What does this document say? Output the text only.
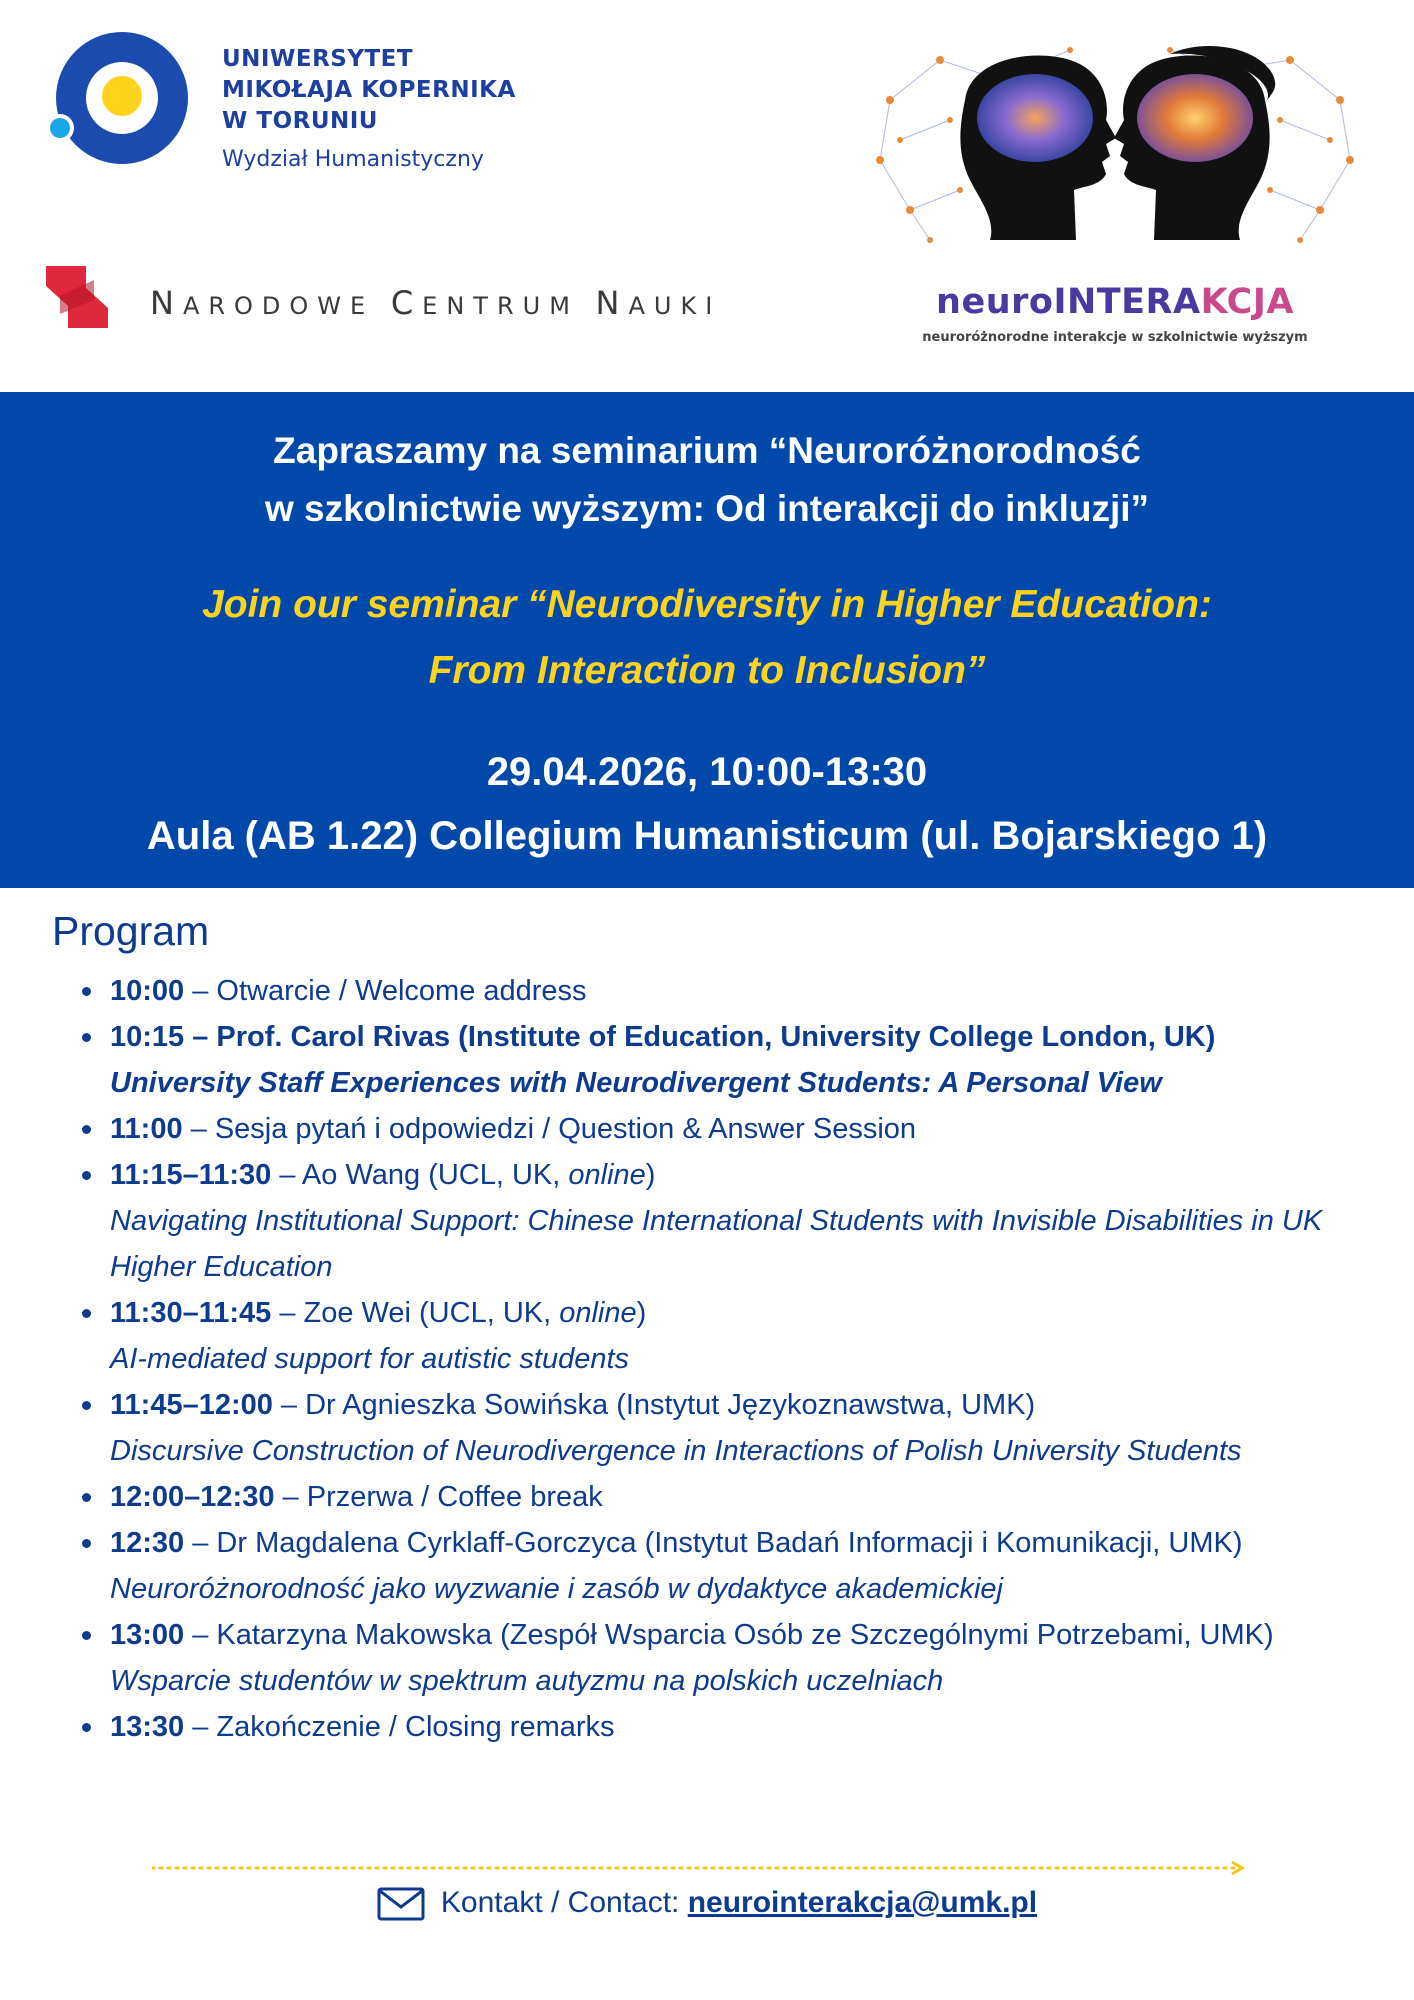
UNIWERSYTET
MIKOŁAJA KOPERNIKA
W TORUNIU
Wydział Humanistyczny
NARODOWE CENTRUM NAUKI	neuroINTERAKCJA
neuroróżnorodne interakcje w szkolnictwie wyższym
Zapraszamy na seminarium “Neuroróżnorodność
w szkolnictwie wyższym: Od interakcji do inkluzji”
Join our seminar “Neurodiversity in Higher Education:
From Interaction to Inclusion”
29.04.2026, 10:00-13:30
Aula (AB 1.22) Collegium Humanisticum (ul. Bojarskiego 1)
Program
10:00 – Otwarcie / Welcome address
10:15 – Prof. Carol Rivas (Institute of Education, University College London, UK)
University Staff Experiences with Neurodivergent Students: A Personal View
11:00 – Sesja pytań i odpowiedzi / Question & Answer Session
11:15–11:30 – Ao Wang (UCL, UK, online)
Navigating Institutional Support: Chinese International Students with Invisible Disabilities in UK Higher Education
11:30–11:45 – Zoe Wei (UCL, UK, online)
AI-mediated support for autistic students
11:45–12:00 – Dr Agnieszka Sowińska (Instytut Językoznawstwa, UMK)
Discursive Construction of Neurodivergence in Interactions of Polish University Students
12:00–12:30 – Przerwa / Coffee break
12:30 – Dr Magdalena Cyrklaff-Gorczyca (Instytut Badań Informacji i Komunikacji, UMK) Neuroróżnorodność jako wyzwanie i zasób w dydaktyce akademickiej
13:00 – Katarzyna Makowska (Zespół Wsparcia Osób ze Szczególnymi Potrzebami, UMK) Wsparcie studentów w spektrum autyzmu na polskich uczelniach
13:30 – Zakończenie / Closing remarks
Kontakt / Contact: neurointerakcja@umk.pl
